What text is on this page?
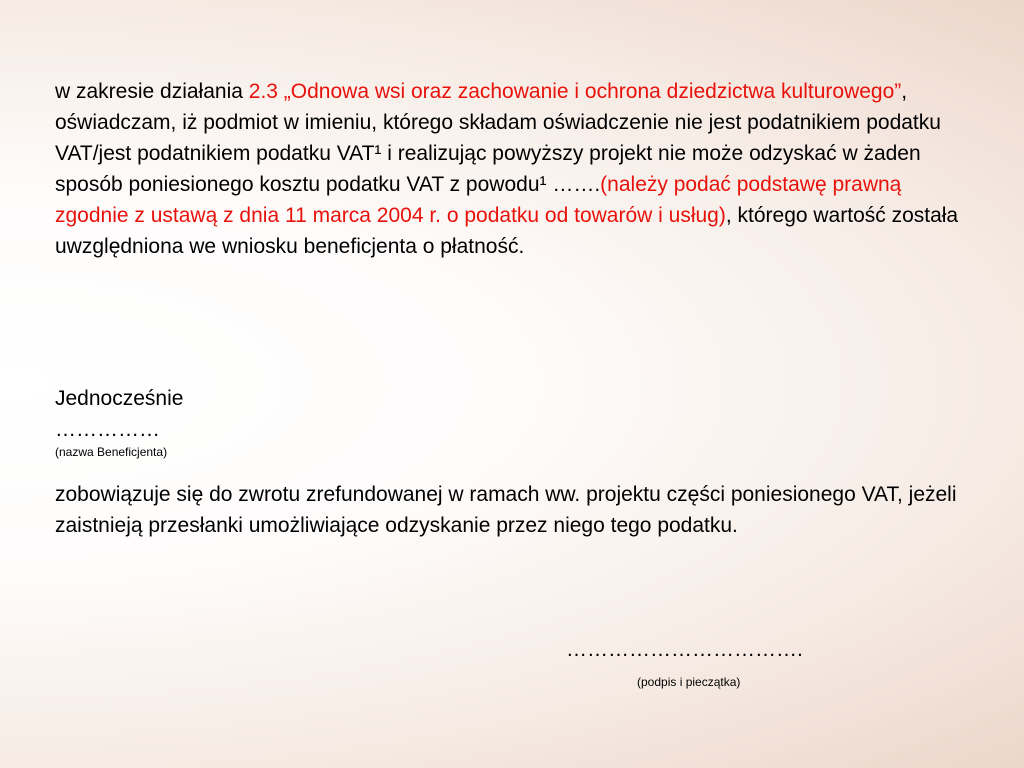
w zakresie działania 2.3 „Odnowa wsi oraz zachowanie i ochrona dziedzictwa kulturowego”,
oświadczam, iż podmiot w imieniu, którego składam oświadczenie nie jest podatnikiem podatku VAT/jest podatnikiem podatku VAT¹ i realizując powyższy projekt nie może odzyskać w żaden sposób poniesionego kosztu podatku VAT z powodu¹ …….(należy podać podstawę prawną zgodnie z ustawą z dnia 11 marca 2004 r. o podatku od towarów i usług), którego wartość została uwzględniona we wniosku beneficjenta o płatność.

Jednocześnie

……………

(nazwa Beneficjenta)

zobowiązuje się do zwrotu zrefundowanej w ramach ww. projektu części poniesionego VAT, jeżeli zaistnieją przesłanki umożliwiające odzyskanie przez niego tego podatku.

…………………………….

(podpis i pieczątka)
